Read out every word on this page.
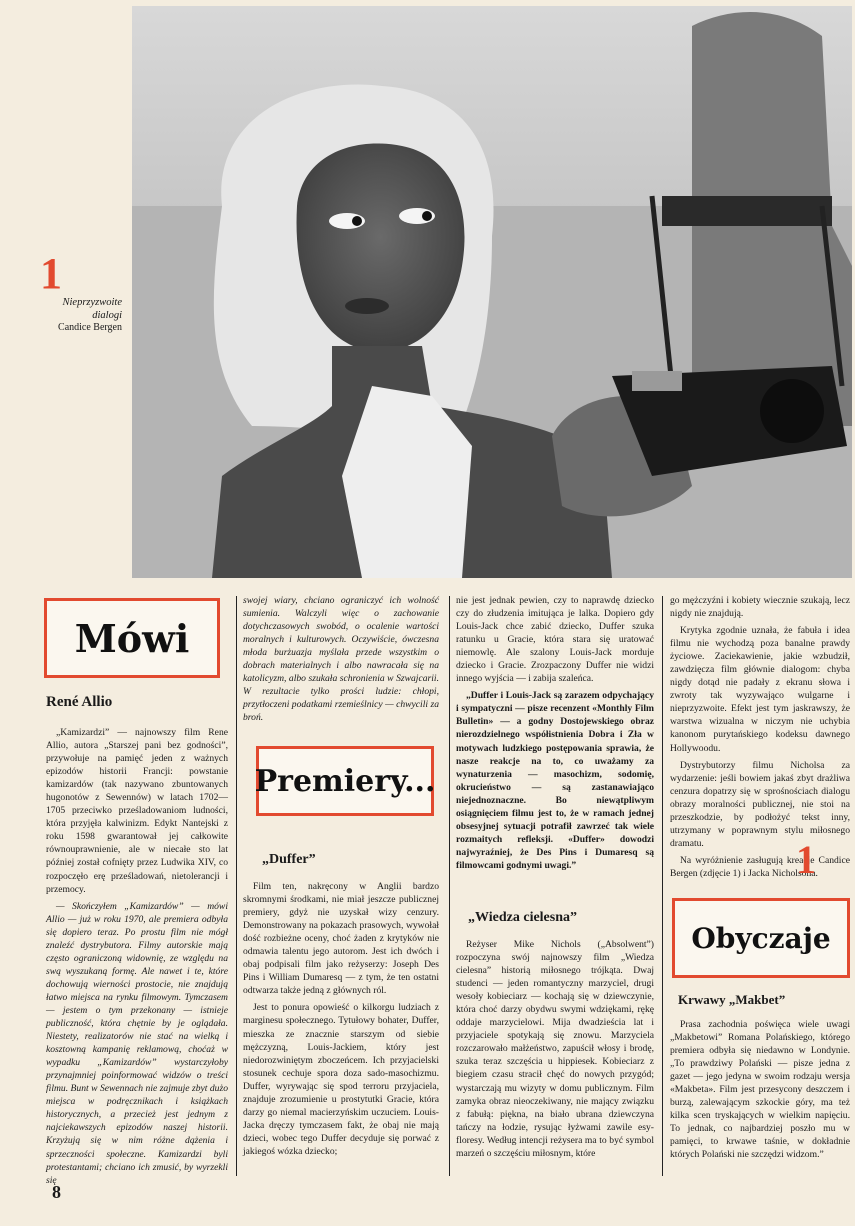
1
Nieprzyzwoite
dialogi
Candice Bergen
Mówi
René Allio

„Kamizardzi” — najnowszy film Rene Allio, autora „Starszej pani bez godności”, przywołuje na pamięć jeden z ważnych epizodów historii Francji: powstanie kamizardów (tak nazywano zbuntowanych hugonotów z Sewennów) w latach 1702—1705 przeciwko prześladowaniom ludności, która przyjęła kalwinizm. Edykt Nantejski z roku 1598 gwarantował jej całkowite równouprawnienie, ale w niecałe sto lat później został cofnięty przez Ludwika XIV, co rozpoczęło erę prześladowań, nietolerancji i przemocy.

— Skończyłem „Kamizardów” — mówi Allio — już w roku 1970, ale premiera odbyła się dopiero teraz. Po prostu film nie mógł znaleźć dystrybutora. Filmy autorskie mają często ograniczoną widownię, ze względu na swą wyszukaną formę. Ale nawet i te, które dochowują wierności prostocie, nie znajdują łatwo miejsca na rynku filmowym. Tymczasem — jestem o tym przekonany — istnieje publiczność, która chętnie by je oglądała. Niestety, realizatorów nie stać na wielką i kosztowną kampanię reklamową, choćaż w wypadku „Kamizardów” wystarczyłoby przynajmniej poinformować widzów o treści filmu. Bunt w Sewennach nie zajmuje zbyt dużo miejsca w podręcznikach i książkach historycznych, a przecież jest jednym z najciekawszych epizodów naszej historii. Krzyżują się w nim różne dążenia i sprzeczności społeczne. Kamizardzi byli protestantami; chciano ich zmusić, by wyrzekli się

swojej wiary, chciano ograniczyć ich wolność sumienia. Walczyli więc o zachowanie dotychczasowych swobód, o ocalenie wartości moralnych i kulturowych. Oczywiście, ówczesna młoda burżuazja myślała przede wszystkim o dobrach materialnych i albo nawracała się na katolicyzm, albo szukała schronienia w Szwajcarii. W rezultacie tylko prości ludzie: chłopi, przytłoczeni podatkami rzemieślnicy — chwycili za broń.

Premiery...
„Duffer”

Film ten, nakręcony w Anglii bardzo skromnymi środkami, nie miał jeszcze publicznej premiery, gdyż nie uzyskał wizy cenzury. Demonstrowany na pokazach prasowych, wywołał dość rozbieżne oceny, choć żaden z krytyków nie odmawia talentu jego autorom. Jest ich dwóch i obaj podpisali film jako reżyserzy: Joseph Des Pins i William Dumaresq — z tym, że ten ostatni odtwarza także jedną z głównych ról.

Jest to ponura opowieść o kilkorgu ludziach z marginesu społecznego. Tytułowy bohater, Duffer, mieszka ze znacznie starszym od siebie mężczyzną, Louis-Jackiem, który jest niedorozwiniętym zboczeńcem. Ich przyjacielski stosunek cechuje spora doza sado-masochizmu. Duffer, wyrywając się spod terroru przyjaciela, znajduje zrozumienie u prostytutki Gracie, która darzy go niemal macierzyńskim uczuciem. Louis-Jacka dręczy tymczasem fakt, że obaj nie mają dzieci, wobec tego Duffer decyduje się porwać z jakiegoś wózka dziecko;

nie jest jednak pewien, czy to naprawdę dziecko czy do złudzenia imitująca je lalka. Dopiero gdy Louis-Jack chce zabić dziecko, Duffer szuka ratunku u Gracie, która stara się uratować niemowlę. Ale szalony Louis-Jack morduje dziecko i Gracie. Zrozpaczony Duffer nie widzi innego wyjścia — i zabija szaleńca.

„Duffer i Louis-Jack są zarazem odpychający i sympatyczni — pisze recenzent «Monthly Film Bulletin» — a godny Dostojewskiego obraz nierozdzielnego współistnienia Dobra i Zła w motywach ludzkiego postępowania sprawia, że nasze reakcje na to, co uważamy za wynaturzenia — masochizm, sodomię, okrucieństwo — są zastanawiająco niejednoznaczne. Bo niewątpliwym osiągnięciem filmu jest to, że w ramach jednej obsesyjnej sytuacji potrafił zawrzeć tak wiele rozmaitych refleksji. «Duffer» dowodzi najwyraźniej, że Des Pins i Dumaresq są filmowcami godnymi uwagi.”

„Wiedza cielesna”

Reżyser Mike Nichols („Absolwent”) rozpoczyna swój najnowszy film „Wiedza cielesna” historią miłosnego trójkąta. Dwaj studenci — jeden romantyczny marzyciel, drugi wesoły kobieciarz — kochają się w dziewczynie, która choć darzy obydwu swymi wdziękami, rękę oddaje marzycielowi. Mija dwadzieścia lat i przyjaciele spotykają się znowu. Marzyciela rozczarowało małżeństwo, zapuścił włosy i brodę, szuka teraz szczęścia u hippiesek. Kobieciarz z biegiem czasu stracił chęć do nowych przygód; wystarczają mu wizyty w domu publicznym. Film zamyka obraz nieoczekiwany, nie mający związku z fabułą: piękna, na biało ubrana dziewczyna tańczy na łodzie, rysując łyżwami zawile esy-floresy. Według intencji reżysera ma to być symbol marzeń o szczęściu miłosnym, które

go mężczyźni i kobiety wiecznie szukają, lecz nigdy nie znajdują.

Krytyka zgodnie uznała, że fabuła i idea filmu nie wychodzą poza banalne prawdy życiowe. Zaciekawienie, jakie wzbudził, zawdzięcza film głównie dialogom: chyba nigdy dotąd nie padały z ekranu słowa i zwroty tak wyzywająco wulgarne i nieprzyzwoite. Efekt jest tym jaskrawszy, że warstwa wizualna w niczym nie uchybia kanonom purytańskiego kodeksu dawnego Hollywoodu.

Dystrybutorzy filmu Nicholsa za wydarzenie: jeśli bowiem jakaś zbyt drażliwa cenzura dopatrzy się w sprośnościach dialogu obrazy moralności publicznej, nie stoi na przeszkodzie, by podłożyć tekst inny, utrzymany w poprawnym stylu miłosnego dramatu.

Na wyróżnienie zasługują kreacje Candice Bergen (zdjęcie 1) i Jacka Nicholsona.

1
Obyczaje
Krwawy „Makbet”

Prasa zachodnia poświęca wiele uwagi „Makbetowi” Romana Polańskiego, którego premiera odbyła się niedawno w Londynie. „To prawdziwy Polański — pisze jedna z gazet — jego jedyna w swoim rodzaju wersja «Makbeta». Film jest przesycony deszczem i burzą, zalewającym szkockie góry, ma też kilka scen tryskających w wielkim napięciu. To jednak, co najbardziej poszło mu w pamięci, to krwawe taśnie, w dokładnie których Polański nie szczędzi widzom.”

8
